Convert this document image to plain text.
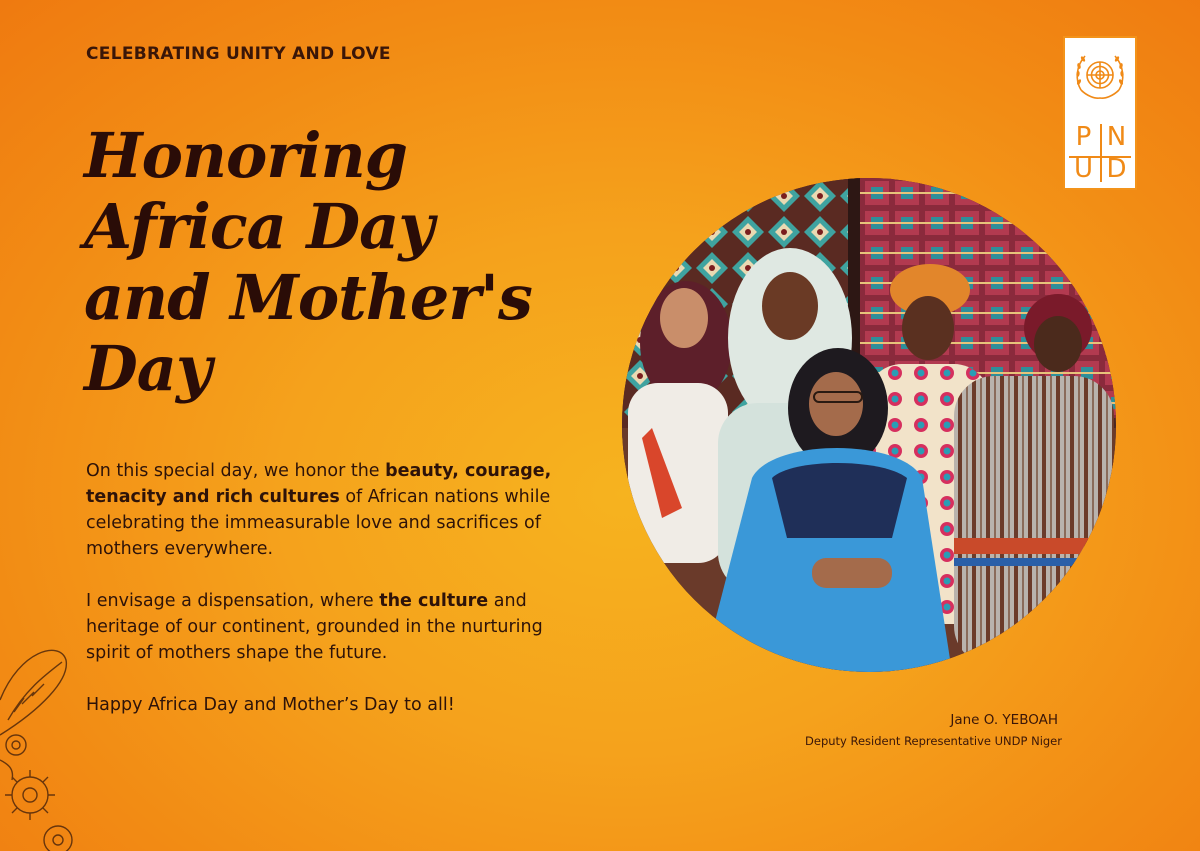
CELEBRATING UNITY AND LOVE
Honoring
Africa Day
and Mother's
Day

On this special day, we honor the beauty, courage, tenacity and rich cultures of African nations while celebrating the immeasurable love and sacrifices of mothers everywhere.

I envisage a dispensation, where the culture and heritage of our continent, grounded in the nurturing spirit of mothers shape the future.

Happy Africa Day and Mother’s Day to all!

P N
U D
Jane O. YEBOAH
Deputy Resident Representative UNDP Niger
